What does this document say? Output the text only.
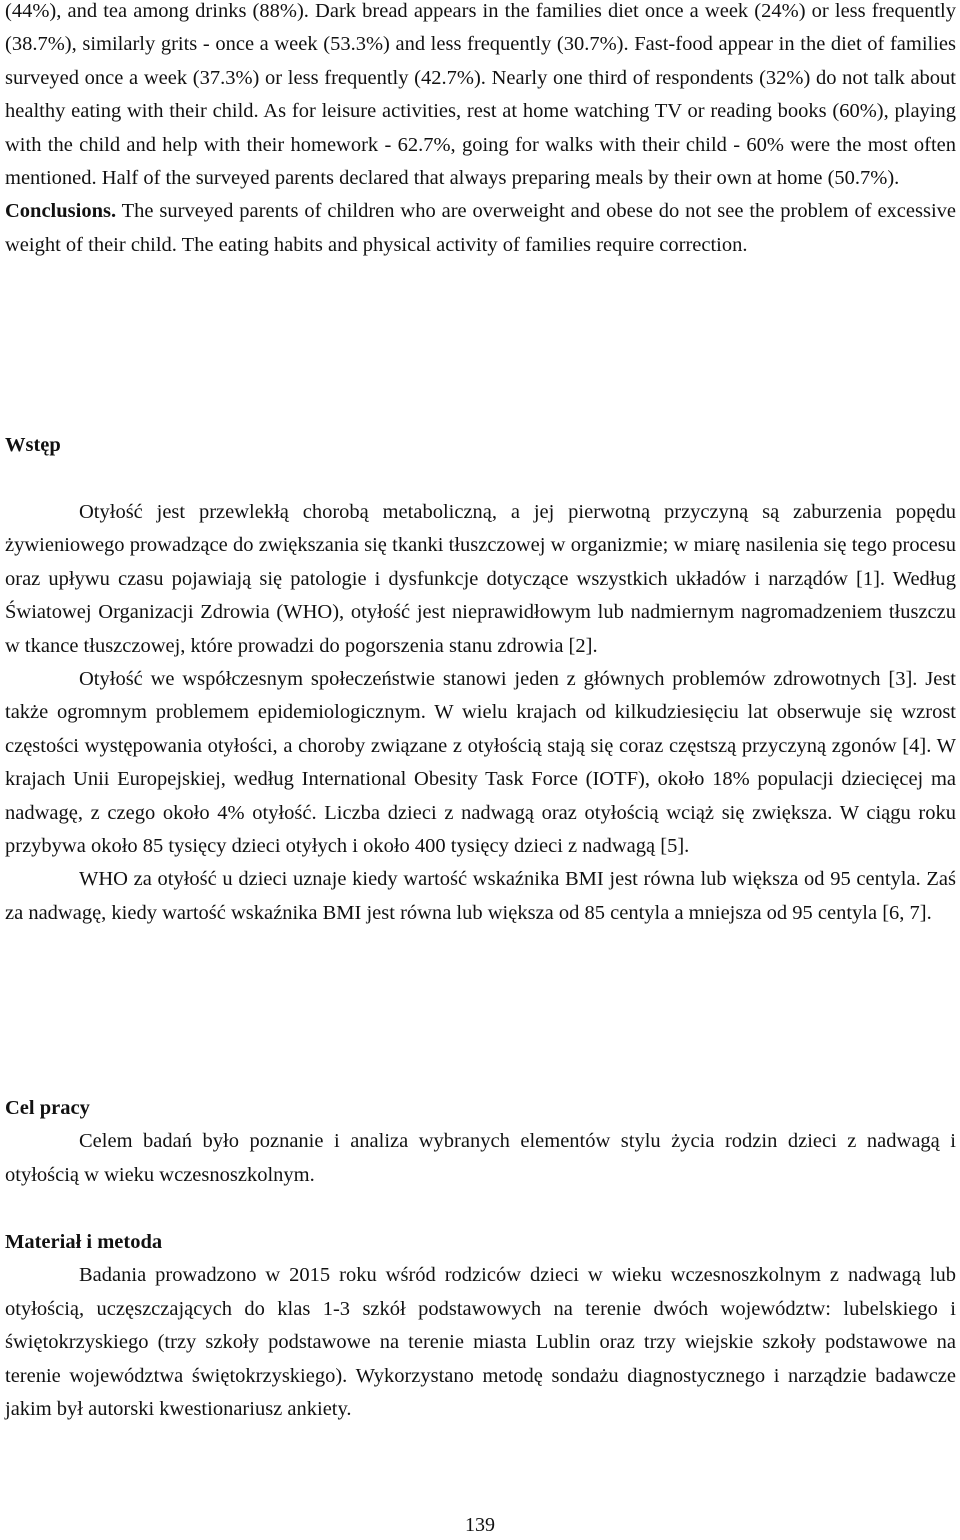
(44%), and tea among drinks (88%). Dark bread appears in the families diet once a week (24%) or less frequently (38.7%), similarly grits - once a week (53.3%) and less frequently (30.7%). Fast-food appear in the diet of families surveyed once a week (37.3%) or less frequently (42.7%). Nearly one third of respondents (32%) do not talk about healthy eating with their child. As for leisure activities, rest at home watching TV or reading books (60%), playing with the child and help with their homework - 62.7%, going for walks with their child - 60% were the most often mentioned. Half of the surveyed parents declared that always preparing meals by their own at home (50.7%).

Conclusions. The surveyed parents of children who are overweight and obese do not see the problem of excessive weight of their child. The eating habits and physical activity of families require correction.

Wstęp

Otyłość jest przewlekłą chorobą metaboliczną, a jej pierwotną przyczyną są zaburzenia popędu żywieniowego prowadzące do zwiększania się tkanki tłuszczowej w organizmie; w miarę nasilenia się tego procesu oraz upływu czasu pojawiają się patologie i dysfunkcje dotyczące wszystkich układów i narządów [1]. Według Światowej Organizacji Zdrowia (WHO), otyłość jest nieprawidłowym lub nadmiernym nagromadzeniem tłuszczu w tkance tłuszczowej, które prowadzi do pogorszenia stanu zdrowia [2].

Otyłość we współczesnym społeczeństwie stanowi jeden z głównych problemów zdrowotnych [3]. Jest także ogromnym problemem epidemiologicznym. W wielu krajach od kilkudziesięciu lat obserwuje się wzrost częstości występowania otyłości, a choroby związane z otyłością stają się coraz częstszą przyczyną zgonów [4]. W krajach Unii Europejskiej, według International Obesity Task Force (IOTF), około 18% populacji dziecięcej ma nadwagę, z czego około 4% otyłość. Liczba dzieci z nadwagą oraz otyłością wciąż się zwiększa. W ciągu roku przybywa około 85 tysięcy dzieci otyłych i około 400 tysięcy dzieci z nadwagą [5].

WHO za otyłość u dzieci uznaje kiedy wartość wskaźnika BMI jest równa lub większa od 95 centyla. Zaś za nadwagę, kiedy wartość wskaźnika BMI jest równa lub większa od 85 centyla a mniejsza od 95 centyla [6, 7].

Cel pracy

Celem badań było poznanie i analiza wybranych elementów stylu życia rodzin dzieci z nadwagą i otyłością w wieku wczesnoszkolnym.

Materiał i metoda

Badania prowadzono w 2015 roku wśród rodziców dzieci w wieku wczesnoszkolnym z nadwagą lub otyłością, uczęszczających do klas 1-3 szkół podstawowych na terenie dwóch województw: lubelskiego i świętokrzyskiego (trzy szkoły podstawowe na terenie miasta Lublin oraz trzy wiejskie szkoły podstawowe na terenie województwa świętokrzyskiego). Wykorzystano metodę sondażu diagnostycznego i narządzie badawcze jakim był autorski kwestionariusz ankiety.

139
